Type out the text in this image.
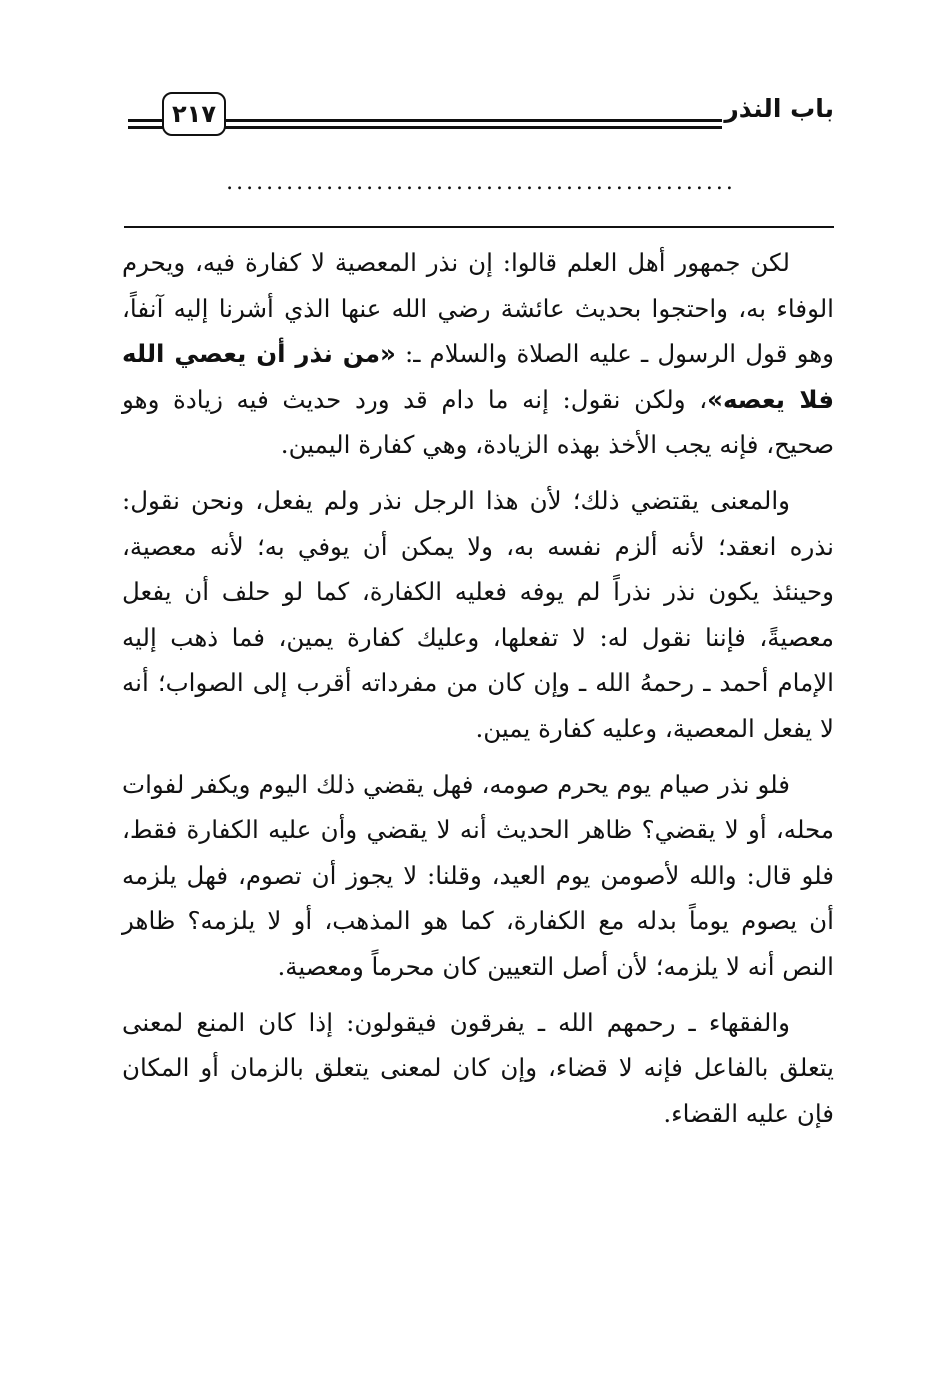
٢١٧	باب النذر
...................................................

لكن جمهور أهل العلم قالوا: إن نذر المعصية لا كفارة فيه، ويحرم الوفاء به، واحتجوا بحديث عائشة رضي الله عنها الذي أشرنا إليه آنفاً، وهو قول الرسول ـ عليه الصلاة والسلام ـ: «من نذر أن يعصي الله فلا يعصه»، ولكن نقول: إنه ما دام قد ورد حديث فيه زيادة وهو صحيح، فإنه يجب الأخذ بهذه الزيادة، وهي كفارة اليمين.

والمعنى يقتضي ذلك؛ لأن هذا الرجل نذر ولم يفعل، ونحن نقول: نذره انعقد؛ لأنه ألزم نفسه به، ولا يمكن أن يوفي به؛ لأنه معصية، وحينئذ يكون نذر نذراً لم يوفه فعليه الكفارة، كما لو حلف أن يفعل معصيةً، فإننا نقول له: لا تفعلها، وعليك كفارة يمين، فما ذهب إليه الإمام أحمد ـ رحمهُ الله ـ وإن كان من مفرداته أقرب إلى الصواب؛ أنه لا يفعل المعصية، وعليه كفارة يمين.

فلو نذر صيام يوم يحرم صومه، فهل يقضي ذلك اليوم ويكفر لفوات محله، أو لا يقضي؟ ظاهر الحديث أنه لا يقضي وأن عليه الكفارة فقط، فلو قال: والله لأصومن يوم العيد، وقلنا: لا يجوز أن تصوم، فهل يلزمه أن يصوم يوماً بدله مع الكفارة، كما هو المذهب، أو لا يلزمه؟ ظاهر النص أنه لا يلزمه؛ لأن أصل التعيين كان محرماً ومعصية.

والفقهاء ـ رحمهم الله ـ يفرقون فيقولون: إذا كان المنع لمعنى يتعلق بالفاعل فإنه لا قضاء، وإن كان لمعنى يتعلق بالزمان أو المكان فإن عليه القضاء.
